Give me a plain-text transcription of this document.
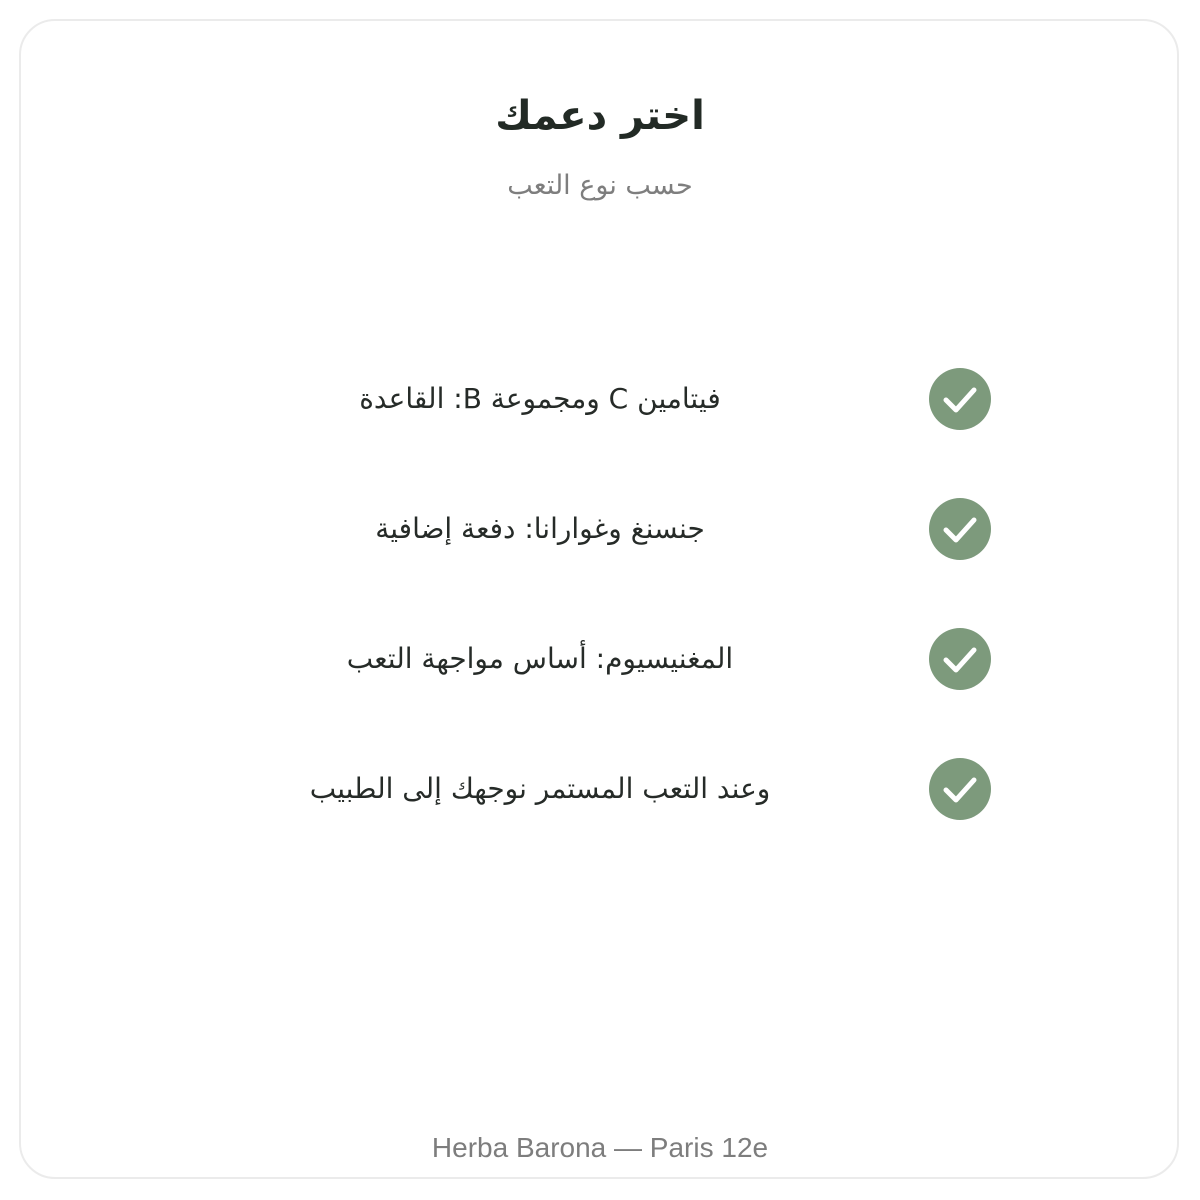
اختر دعمك
حسب نوع التعب
فيتامين C ومجموعة B: القاعدة
جنسنغ وغوارانا: دفعة إضافية
المغنيسيوم: أساس مواجهة التعب
وعند التعب المستمر نوجهك إلى الطبيب
Herba Barona — Paris 12e
